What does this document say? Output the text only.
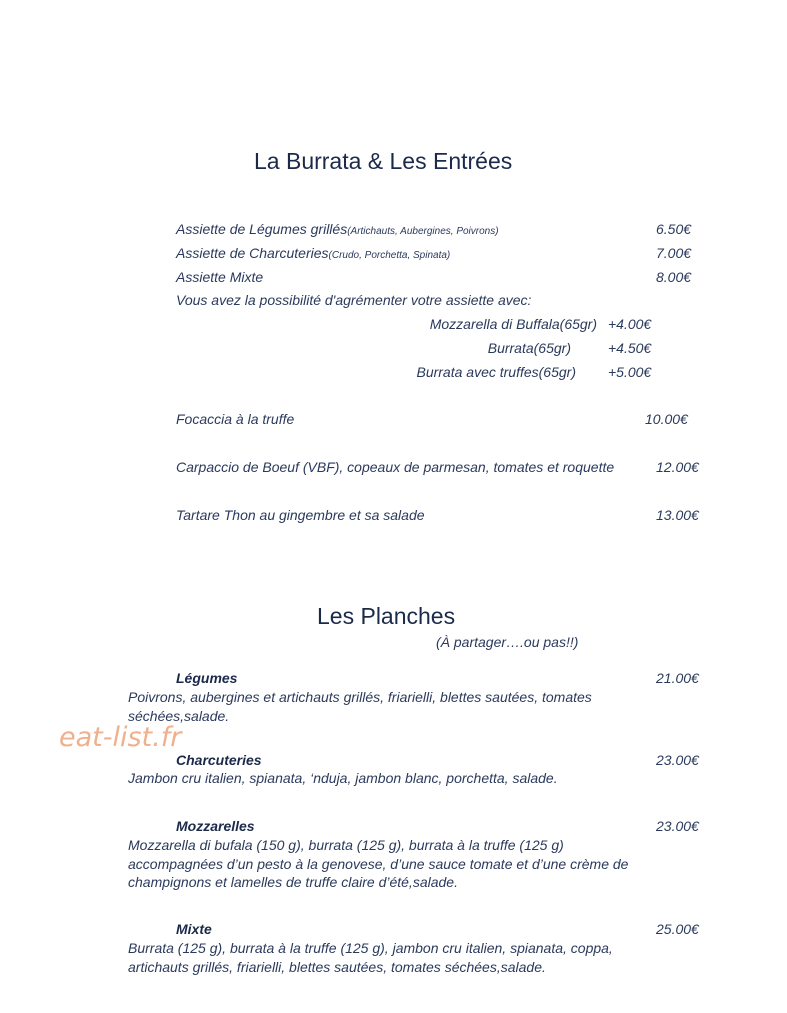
La Burrata & Les Entrées
Assiette de Légumes grillés(Artichauts, Aubergines, Poivrons)	6.50€
Assiette de Charcuteries(Crudo, Porchetta, Spinata)	7.00€
Assiette Mixte	8.00€
Vous avez la possibilité d'agrémenter votre assiette avec:
Mozzarella di Buffala(65gr) +4.00€
Burrata(65gr)	+4.50€
Burrata avec truffes(65gr) +5.00€
Focaccia à la truffe	10.00€
Carpaccio de Boeuf (VBF), copeaux de parmesan, tomates et roquette	12.00€
Tartare Thon au gingembre et sa salade	13.00€
Les Planches
(À partager….ou pas!!)
Légumes	21.00€
Poivrons, aubergines et artichauts grillés, friarielli, blettes sautées, tomates séchées,salade.
Charcuteries	23.00€
Jambon cru italien, spianata, ‘nduja, jambon blanc, porchetta, salade.
Mozzarelles	23.00€
Mozzarella di bufala (150 g), burrata (125 g), burrata à la truffe (125 g) accompagnées d’un pesto à la genovese, d’une sauce tomate et d’une crème de champignons et lamelles de truffe claire d’été,salade.
Mixte	25.00€
Burrata (125 g), burrata à la truffe (125 g), jambon cru italien, spianata, coppa, artichauts grillés, friarielli, blettes sautées, tomates séchées,salade.
eat-list.fr
